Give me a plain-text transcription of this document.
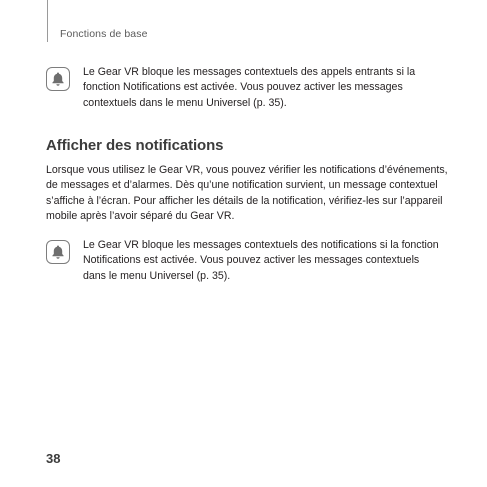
Fonctions de base
Le Gear VR bloque les messages contextuels des appels entrants si la fonction Notifications est activée. Vous pouvez activer les messages contextuels dans le menu Universel (p. 35).
Afficher des notifications
Lorsque vous utilisez le Gear VR, vous pouvez vérifier les notifications d’événements, de messages et d’alarmes. Dès qu’une notification survient, un message contextuel s’affiche à l’écran. Pour afficher les détails de la notification, vérifiez-les sur l’appareil mobile après l’avoir séparé du Gear VR.
Le Gear VR bloque les messages contextuels des notifications si la fonction Notifications est activée. Vous pouvez activer les messages contextuels dans le menu Universel (p. 35).
38
